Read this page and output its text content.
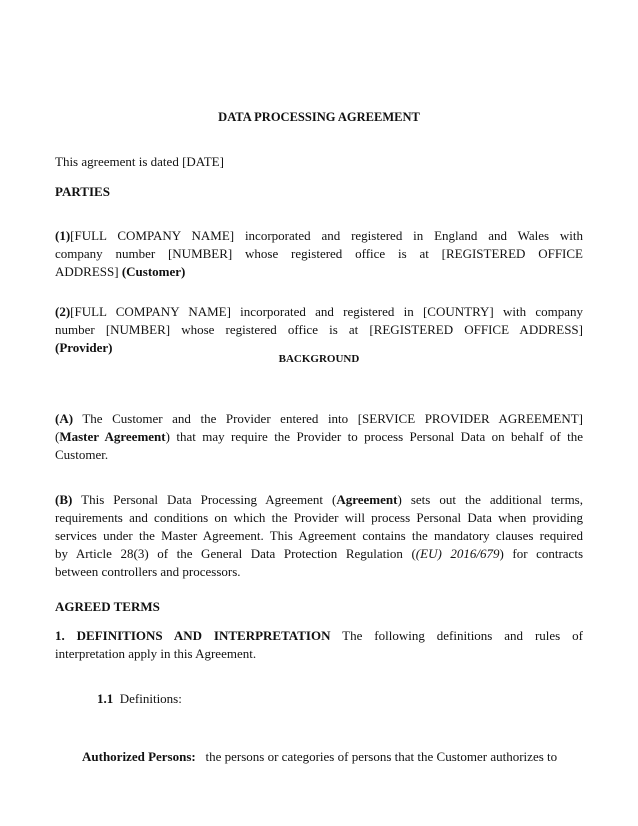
DATA PROCESSING AGREEMENT
This agreement is dated [DATE]
PARTIES
(1)[FULL COMPANY NAME] incorporated and registered in England and Wales with
company number [NUMBER] whose registered office is at [REGISTERED OFFICE
ADDRESS] (Customer)
(2)[FULL COMPANY NAME] incorporated and registered in [COUNTRY] with company
number [NUMBER] whose registered office is at [REGISTERED OFFICE ADDRESS]
(Provider)
BACKGROUND
(A) The Customer and the Provider entered into [SERVICE PROVIDER AGREEMENT]
(Master Agreement) that may require the Provider to process Personal Data on behalf of the
Customer.
(B) This Personal Data Processing Agreement (Agreement) sets out the additional terms,
requirements and conditions on which the Provider will process Personal Data when providing
services under the Master Agreement. This Agreement contains the mandatory clauses required
by Article 28(3) of the General Data Protection Regulation ((EU) 2016/679) for contracts
between controllers and processors.
AGREED TERMS
1. DEFINITIONS AND INTERPRETATION The following definitions and rules of
interpretation apply in this Agreement.
1.1 Definitions:
Authorized Persons: the persons or categories of persons that the Customer authorizes to
